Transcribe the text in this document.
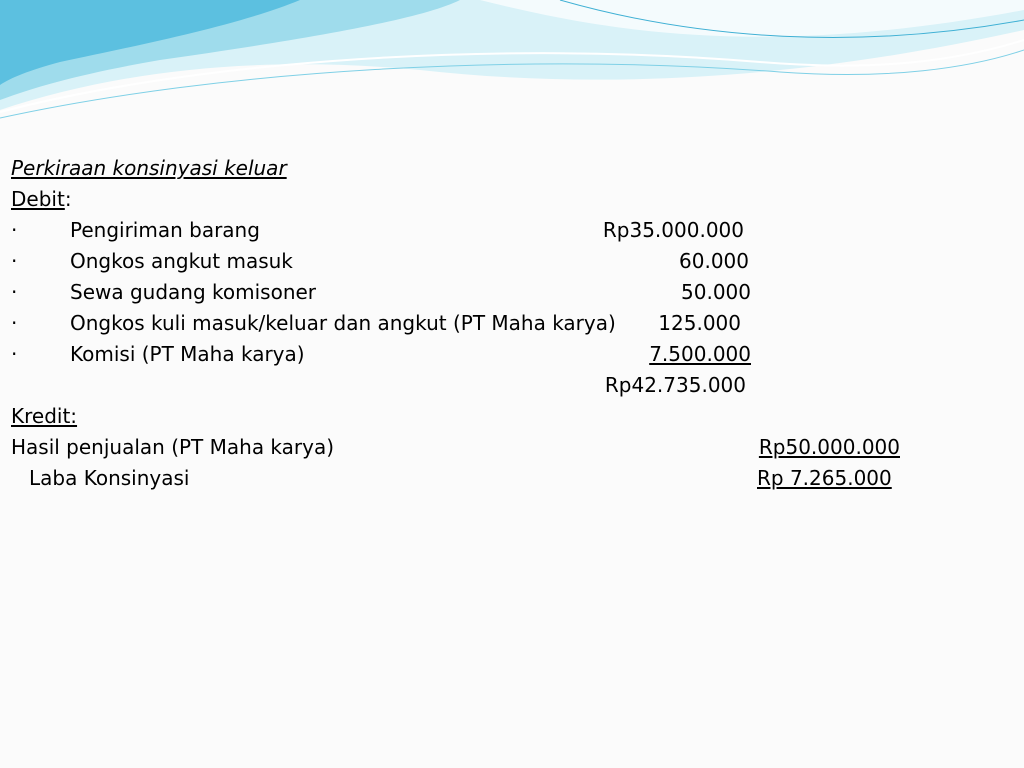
Perkiraan konsinyasi keluar
Debit:
·	Pengiriman barang	Rp35.000.000
·	Ongkos angkut masuk	60.000
·	Sewa gudang komisoner	50.000
·	Ongkos kuli masuk/keluar dan angkut (PT Maha karya)	125.000
·	Komisi (PT Maha karya)	7.500.000
Rp42.735.000
Kredit:
Hasil penjualan (PT Maha karya)	Rp50.000.000
Laba Konsinyasi	Rp 7.265.000
